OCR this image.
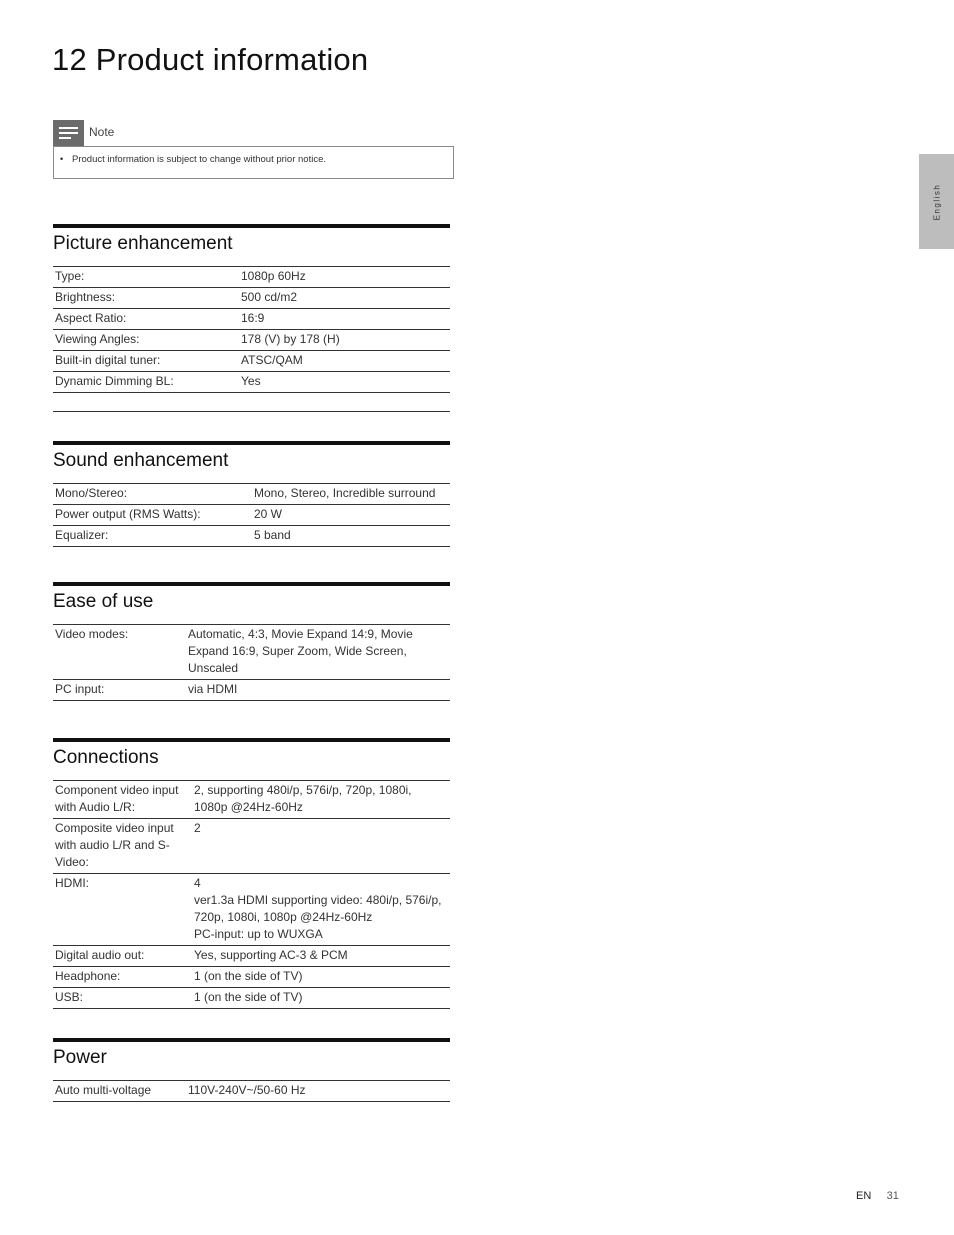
12 Product information
Note
• Product information is subject to change without prior notice.
English
Picture enhancement
Type:	1080p 60Hz
Brightness:	500 cd/m2
Aspect Ratio:	16:9
Viewing Angles:	178 (V) by 178 (H)
Built-in digital tuner:	ATSC/QAM
Dynamic Dimming BL:	Yes
Sound enhancement
Mono/Stereo:	Mono, Stereo, Incredible surround
Power output (RMS Watts):	20 W
Equalizer:	5 band
Ease of use
Video modes:	Automatic, 4:3, Movie Expand 14:9, Movie Expand 16:9, Super Zoom, Wide Screen, Unscaled
PC input:	via HDMI
Connections
Component video input with Audio L/R:	2, supporting 480i/p, 576i/p, 720p, 1080i, 1080p @24Hz-60Hz
Composite video input with audio L/R and S-Video:	2
HDMI:	4
ver1.3a HDMI supporting video: 480i/p, 576i/p, 720p, 1080i, 1080p @24Hz-60Hz
PC-input: up to WUXGA

Digital audio out:	Yes, supporting AC-3 & PCM
Headphone:	1 (on the side of TV)
USB:	1 (on the side of TV)
Power
Auto multi-voltage	110V-240V~/50-60 Hz
EN 31
